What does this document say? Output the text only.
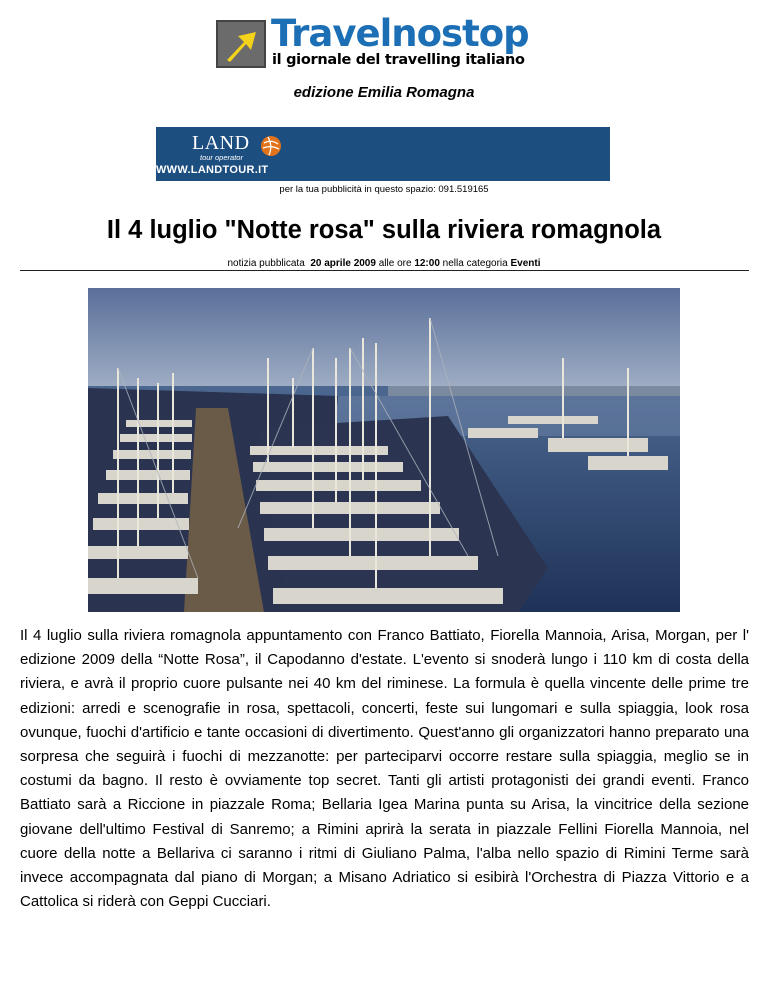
Travelnostop
il giornale del travelling italiano
edizione Emilia Romagna
LAND
tour operator
WWW.LANDTOUR.IT
per la tua pubblicità in questo spazio: 091.519165
Il 4 luglio "Notte rosa" sulla riviera romagnola
notizia pubblicata 20 aprile 2009 alle ore 12:00 nella categoria Eventi

Il 4 luglio sulla riviera romagnola appuntamento con Franco Battiato, Fiorella Mannoia, Arisa, Morgan, per l' edizione 2009 della “Notte Rosa”, il Capodanno d'estate. L'evento si snoderà lungo i 110 km di costa della riviera, e avrà il proprio cuore pulsante nei 40 km del riminese. La formula è quella vincente delle prime tre edizioni: arredi e scenografie in rosa, spettacoli, concerti, feste sui lungomari e sulla spiaggia, look rosa ovunque, fuochi d'artificio e tante occasioni di divertimento. Quest'anno gli organizzatori hanno preparato una sorpresa che seguirà i fuochi di mezzanotte: per parteciparvi occorre restare sulla spiaggia, meglio se in costumi da bagno. Il resto è ovviamente top secret. Tanti gli artisti protagonisti dei grandi eventi. Franco Battiato sarà a Riccione in piazzale Roma; Bellaria Igea Marina punta su Arisa, la vincitrice della sezione giovane dell'ultimo Festival di Sanremo; a Rimini aprirà la serata in piazzale Fellini Fiorella Mannoia, nel cuore della notte a Bellariva ci saranno i ritmi di Giuliano Palma, l'alba nello spazio di Rimini Terme sarà invece accompagnata dal piano di Morgan; a Misano Adriatico si esibirà l'Orchestra di Piazza Vittorio e a Cattolica si riderà con Geppi Cucciari.
